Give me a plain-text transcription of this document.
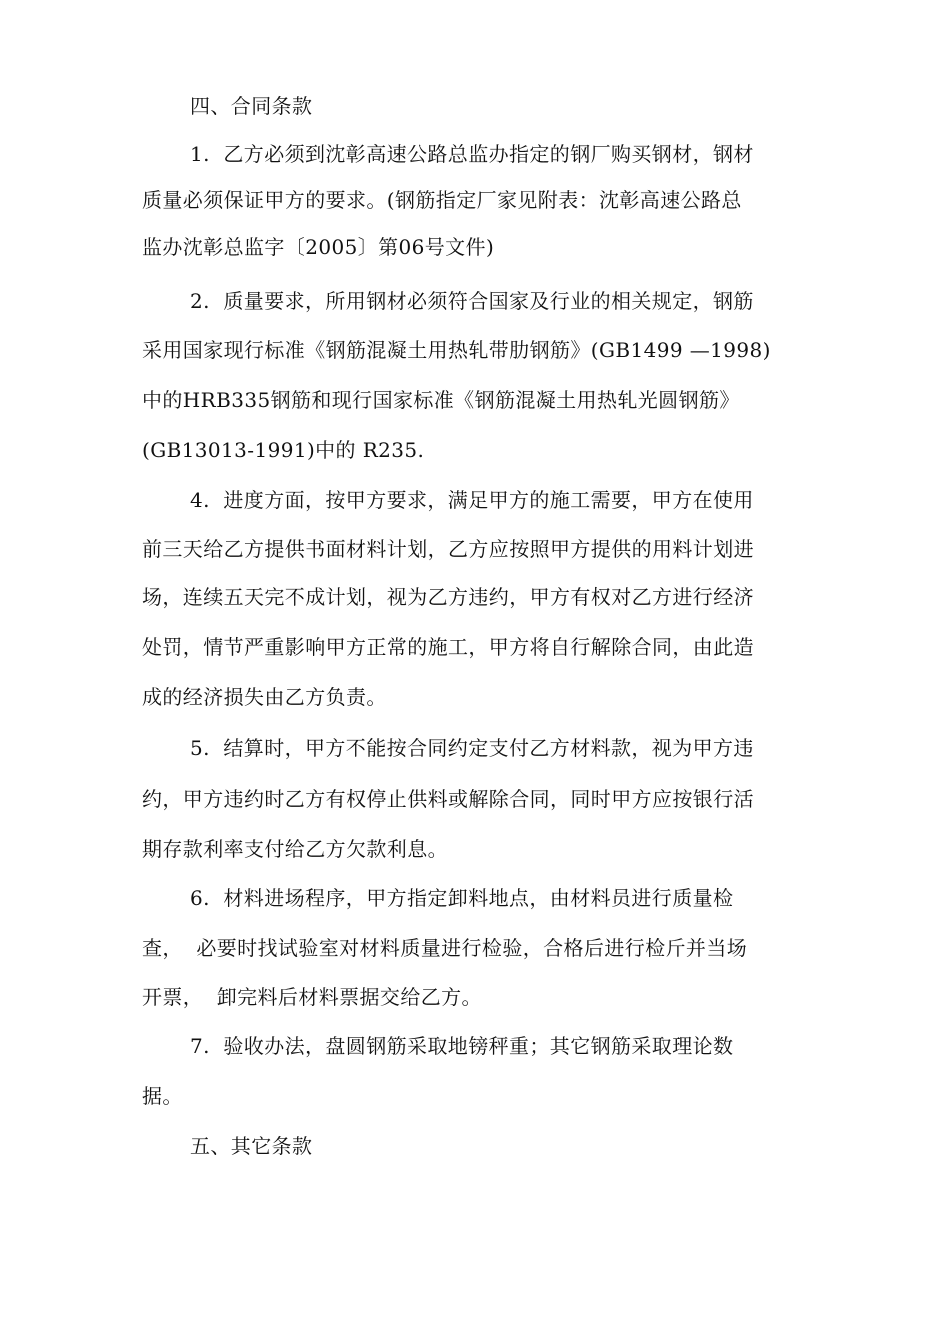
四、合同条款
1.  乙方必须到沈彰高速公路总监办指定的钢厂购买钢材，钢材
质量必须保证甲方的要求。(钢筋指定厂家见附表：沈彰高速公路总
监办沈彰总监字〔2005〕第06号文件)
2.  质量要求，所用钢材必须符合国家及行业的相关规定，钢筋
采用国家现行标准《钢筋混凝土用热轧带肋钢筋》(GB1499 —1998)
中的HRB335钢筋和现行国家标准《钢筋混凝土用热轧光圆钢筋》
(GB13013-1991)中的 R235.
4.  进度方面，按甲方要求，满足甲方的施工需要，甲方在使用
前三天给乙方提供书面材料计划，乙方应按照甲方提供的用料计划进
场，连续五天完不成计划，视为乙方违约，甲方有权对乙方进行经济
处罚，情节严重影响甲方正常的施工，甲方将自行解除合同，由此造
成的经济损失由乙方负责。
5.  结算时，甲方不能按合同约定支付乙方材料款，视为甲方违
约，甲方违约时乙方有权停止供料或解除合同，同时甲方应按银行活
期存款利率支付给乙方欠款利息。
6.  材料进场程序，甲方指定卸料地点，由材料员进行质量检
查，  必要时找试验室对材料质量进行检验，合格后进行检斤并当场
开票，  卸完料后材料票据交给乙方。
7.  验收办法，盘圆钢筋采取地镑秤重；其它钢筋采取理论数
据。
五、其它条款
